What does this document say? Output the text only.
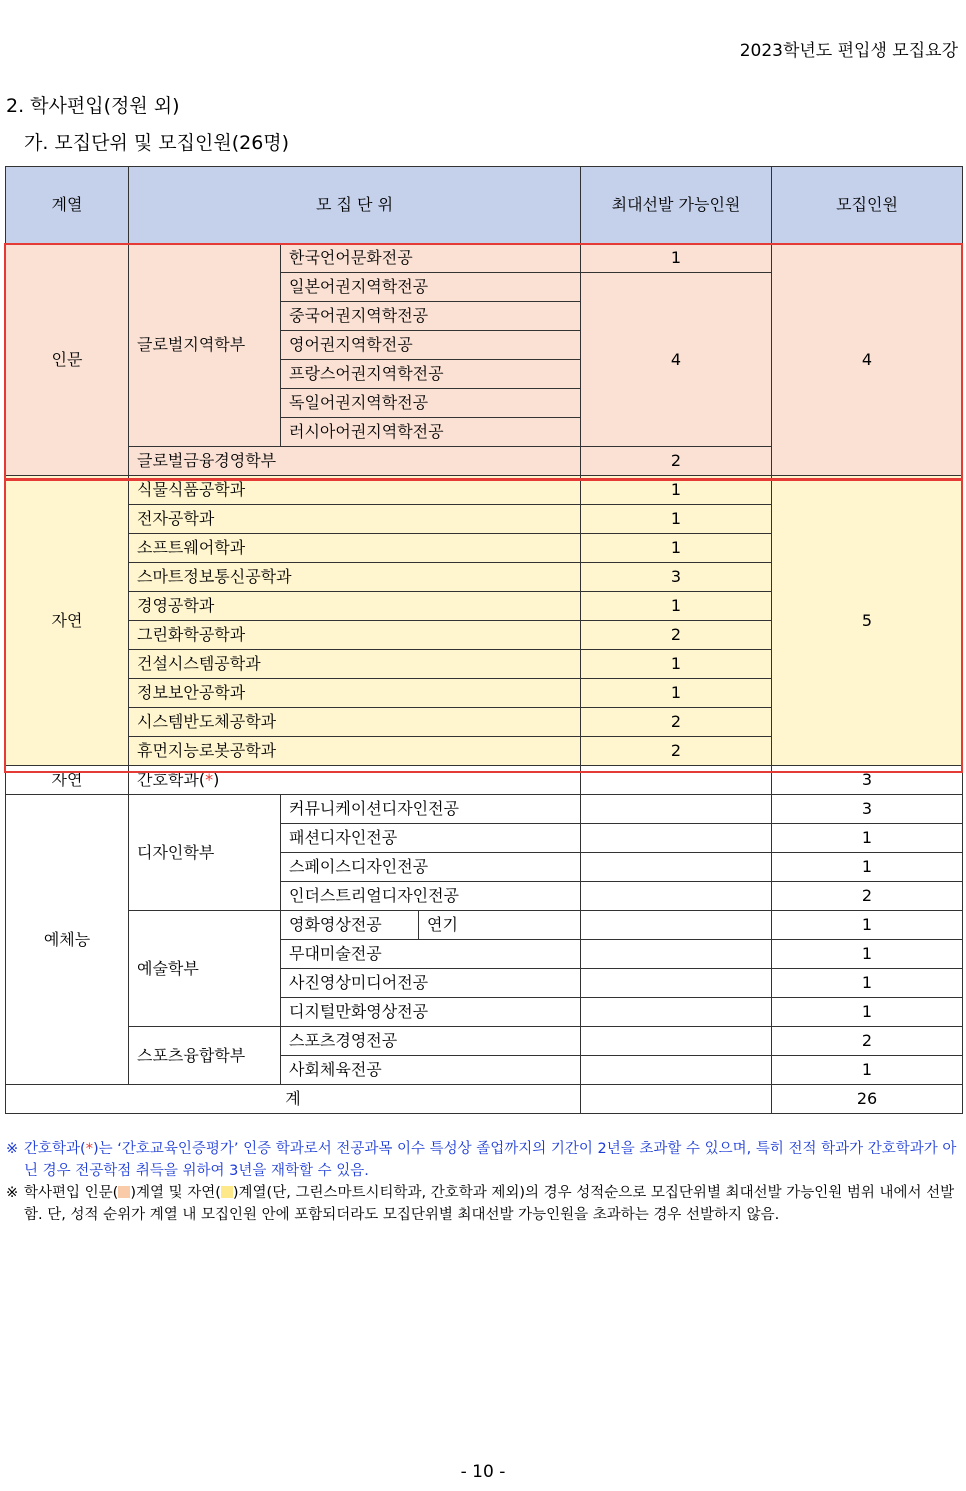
2023학년도 편입생 모집요강
2. 학사편입(정원 외)
가. 모집단위 및 모집인원(26명)
계열	모 집 단 위			최대선발 가능인원	모집인원
인문	글로벌지역학부	한국언어문화전공		1	4
		일본어권지역학전공		4	
		중국어권지역학전공			
		영어권지역학전공			
		프랑스어권지역학전공			
		독일어권지역학전공			
		러시아어권지역학전공			
	글로벌금융경영학부			2	
자연	식물식품공학과			1	5
	전자공학과			1	
	소프트웨어학과			1	
	스마트정보통신공학과			3	
	경영공학과			1	
	그린화학공학과			2	
	건설시스템공학과			1	
	정보보안공학과			1	
	시스템반도체공학과			2	
	휴먼지능로봇공학과			2	
자연	간호학과(*)				3
예체능	디자인학부	커뮤니케이션디자인전공			3
		패션디자인전공			1
		스페이스디자인전공			1
		인더스트리얼디자인전공			2
	예술학부	영화영상전공	연기		1
		무대미술전공			1
		사진영상미디어전공			1
		디지털만화영상전공			1
	스포츠융합학부	스포츠경영전공			2
		사회체육전공			1
계					26
※ 간호학과(*)는 ‘간호교육인증평가’ 인증 학과로서 전공과목 이수 특성상 졸업까지의 기간이 2년을 초과할 수 있으며, 특히 전적 학과가 간호학과가 아닌 경우 전공학점 취득을 위하여 3년을 재학할 수 있음.
※ 학사편입 인문( )계열 및 자연( )계열(단, 그린스마트시티학과, 간호학과 제외)의 경우 성적순으로 모집단위별 최대선발 가능인원 범위 내에서 선발함. 단, 성적 순위가 계열 내 모집인원 안에 포함되더라도 모집단위별 최대선발 가능인원을 초과하는 경우 선발하지 않음.
- 10 -
